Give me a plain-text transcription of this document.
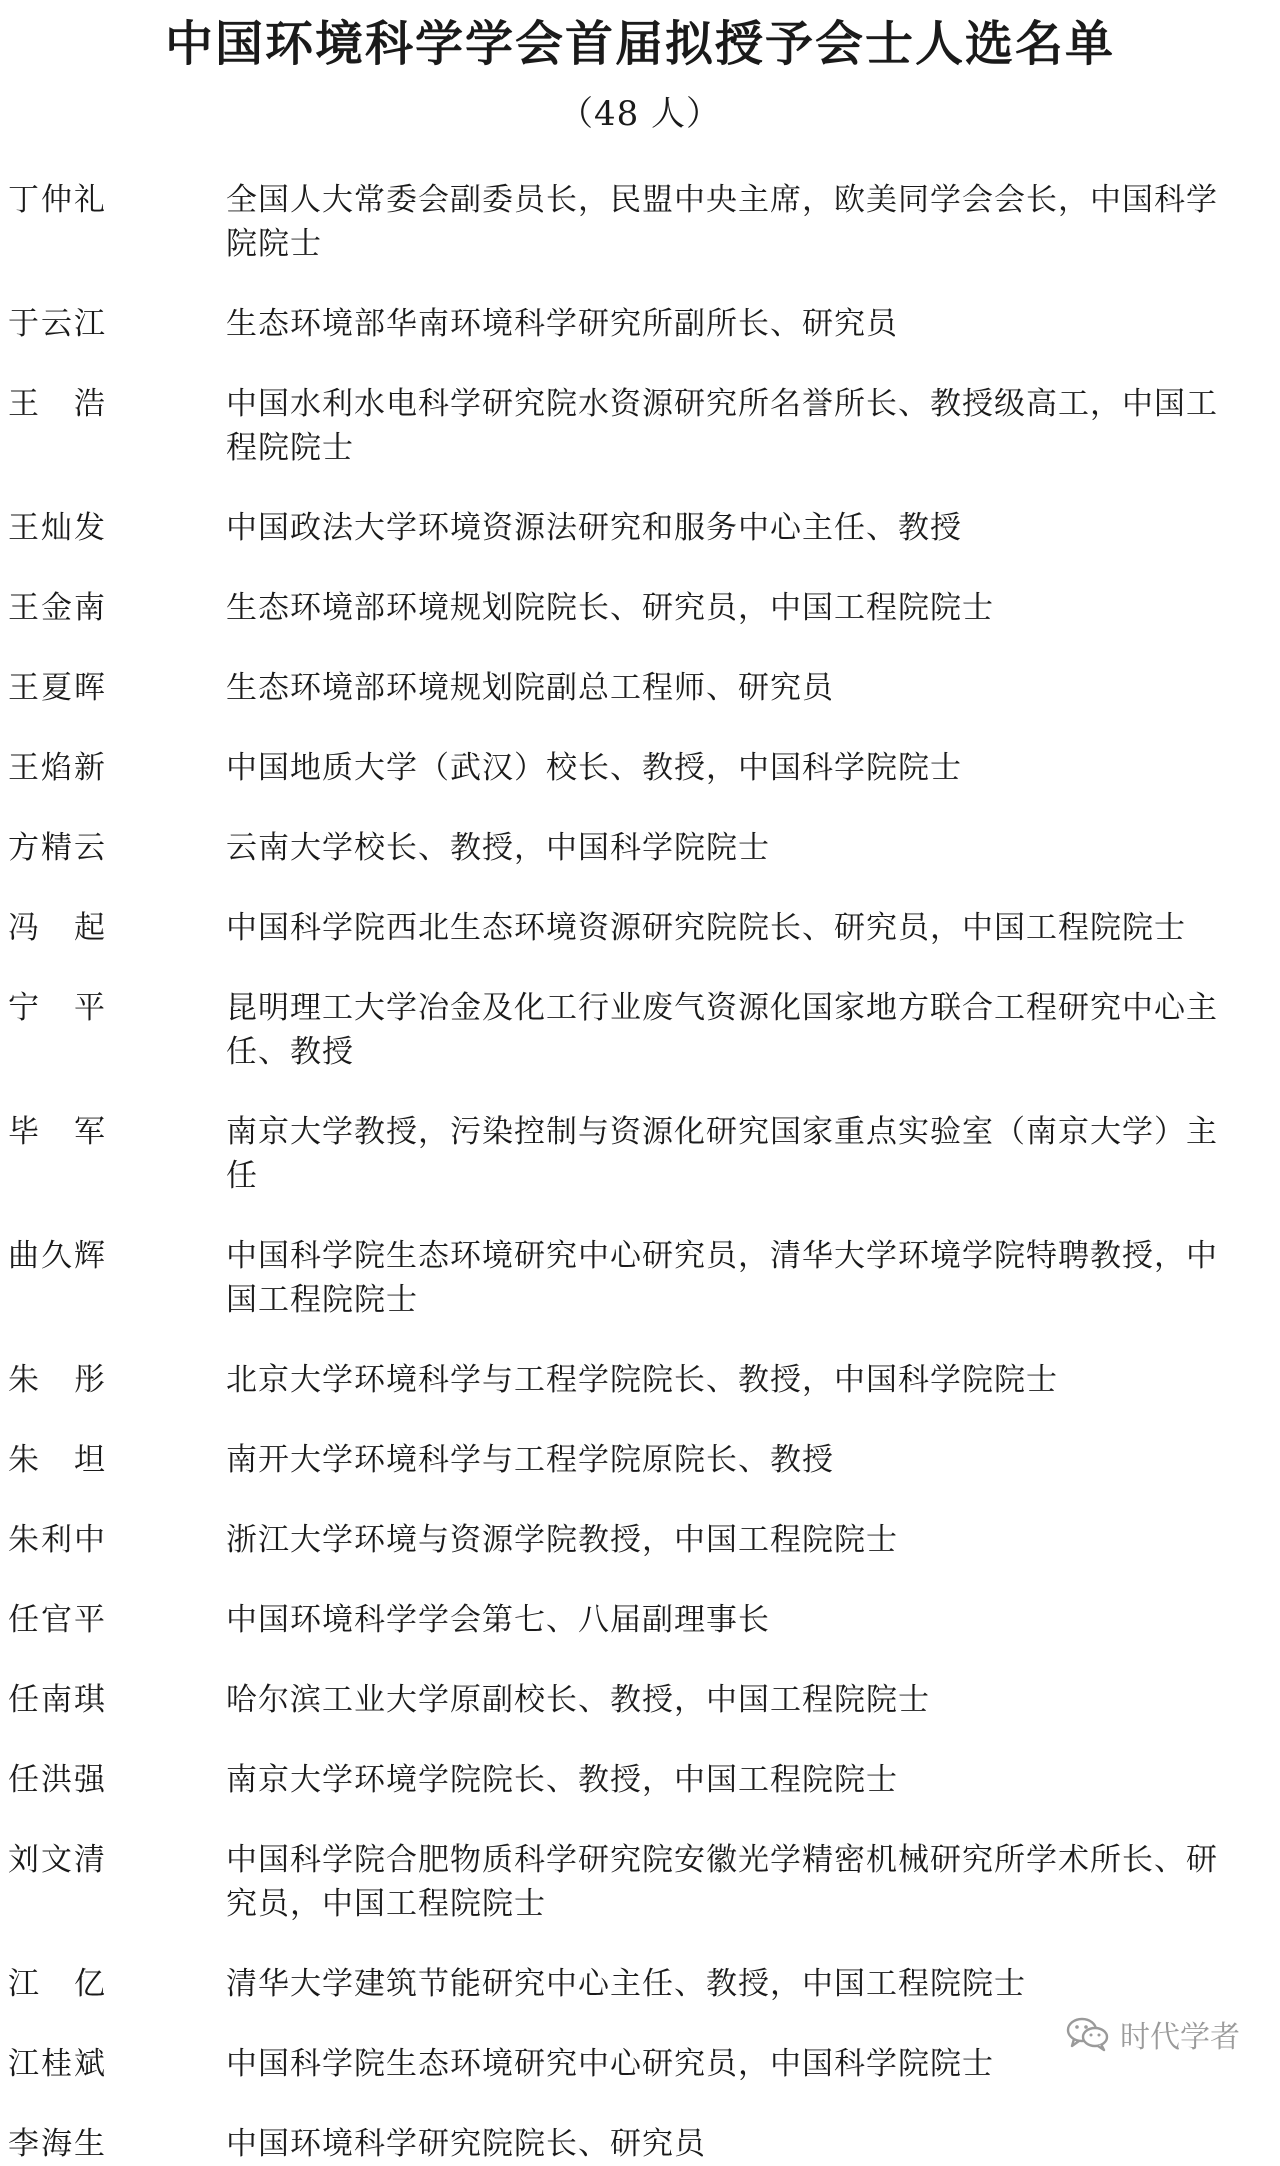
中国环境科学学会首届拟授予会士人选名单
（48 人）
丁仲礼	全国人大常委会副委员长，民盟中央主席，欧美同学会会长，中国科学院院士
于云江	生态环境部华南环境科学研究所副所长、研究员
王　浩	中国水利水电科学研究院水资源研究所名誉所长、教授级高工，中国工程院院士
王灿发	中国政法大学环境资源法研究和服务中心主任、教授
王金南	生态环境部环境规划院院长、研究员，中国工程院院士
王夏晖	生态环境部环境规划院副总工程师、研究员
王焰新	中国地质大学（武汉）校长、教授，中国科学院院士
方精云	云南大学校长、教授，中国科学院院士
冯　起	中国科学院西北生态环境资源研究院院长、研究员，中国工程院院士
宁　平	昆明理工大学冶金及化工行业废气资源化国家地方联合工程研究中心主任、教授
毕　军	南京大学教授，污染控制与资源化研究国家重点实验室（南京大学）主任
曲久辉	中国科学院生态环境研究中心研究员，清华大学环境学院特聘教授，中国工程院院士
朱　彤	北京大学环境科学与工程学院院长、教授，中国科学院院士
朱　坦	南开大学环境科学与工程学院原院长、教授
朱利中	浙江大学环境与资源学院教授，中国工程院院士
任官平	中国环境科学学会第七、八届副理事长
任南琪	哈尔滨工业大学原副校长、教授，中国工程院院士
任洪强	南京大学环境学院院长、教授，中国工程院院士
刘文清	中国科学院合肥物质科学研究院安徽光学精密机械研究所学术所长、研究员，中国工程院院士
江　亿	清华大学建筑节能研究中心主任、教授，中国工程院院士
江桂斌	中国科学院生态环境研究中心研究员，中国科学院院士
李海生	中国环境科学研究院院长、研究员
时代学者
